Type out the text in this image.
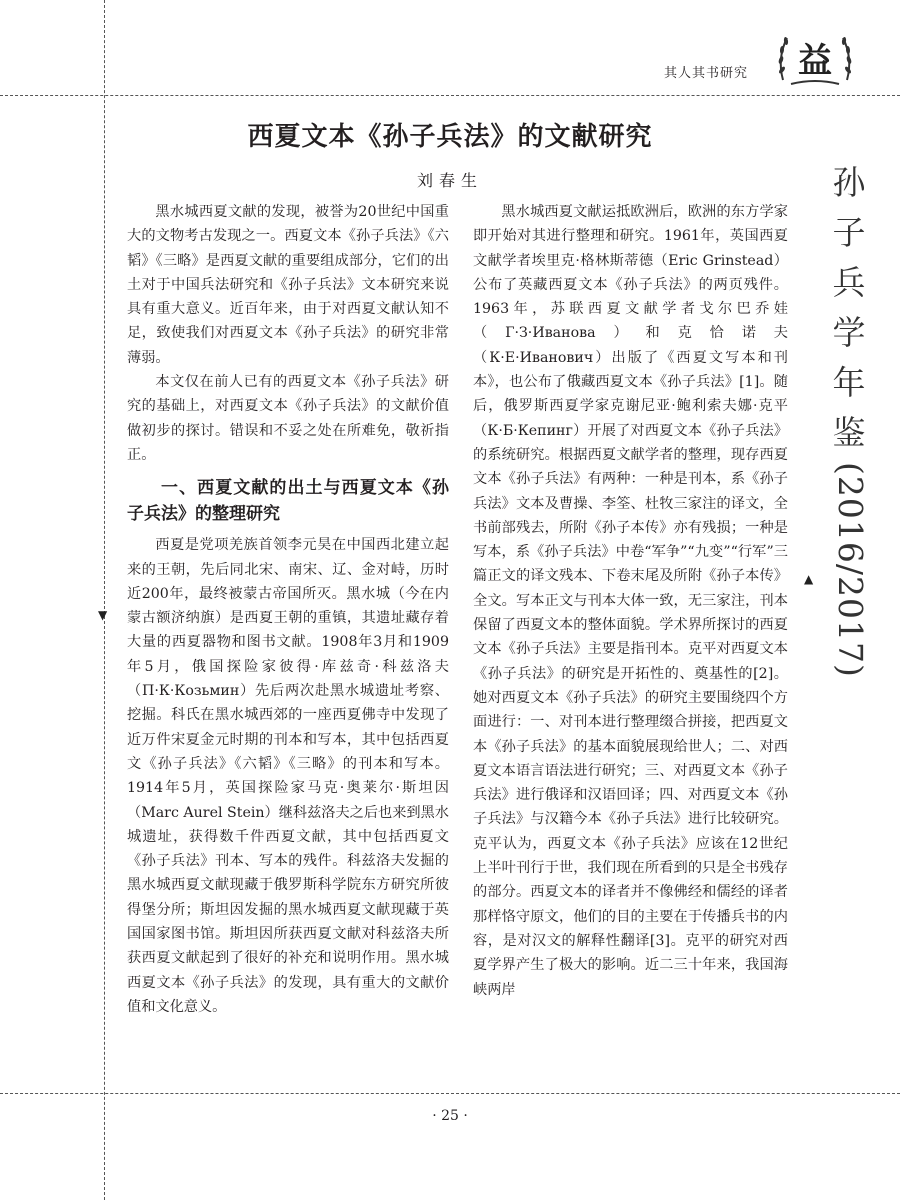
其人其书研究 益
西夏文本《孙子兵法》的文献研究
刘春生

黑水城西夏文献的发现，被誉为20世纪中国重大的文物考古发现之一。西夏文本《孙子兵法》《六韬》《三略》是西夏文献的重要组成部分，它们的出土对于中国兵法研究和《孙子兵法》文本研究来说具有重大意义。近百年来，由于对西夏文献认知不足，致使我们对西夏文本《孙子兵法》的研究非常薄弱。

本文仅在前人已有的西夏文本《孙子兵法》研究的基础上，对西夏文本《孙子兵法》的文献价值做初步的探讨。错误和不妥之处在所难免，敬祈指正。

一、西夏文献的出土与西夏文本《孙子兵法》的整理研究

西夏是党项羌族首领李元昊在中国西北建立起来的王朝，先后同北宋、南宋、辽、金对峙，历时近200年，最终被蒙古帝国所灭。黑水城（今在内蒙古额济纳旗）是西夏王朝的重镇，其遗址藏存着大量的西夏器物和图书文献。1908年3月和1909年5月，俄国探险家彼得·库兹奇·科兹洛夫（П·К·Козьмин）先后两次赴黑水城遗址考察、挖掘。科氏在黑水城西郊的一座西夏佛寺中发现了近万件宋夏金元时期的刊本和写本，其中包括西夏文《孙子兵法》《六韬》《三略》的刊本和写本。1914年5月，英国探险家马克·奥莱尔·斯坦因（Marc Aurel Stein）继科兹洛夫之后也来到黑水城遗址，获得数千件西夏文献，其中包括西夏文《孙子兵法》刊本、写本的残件。科兹洛夫发掘的黑水城西夏文献现藏于俄罗斯科学院东方研究所彼得堡分所；斯坦因发掘的黑水城西夏文献现藏于英国国家图书馆。斯坦因所获西夏文献对科兹洛夫所获西夏文献起到了很好的补充和说明作用。黑水城西夏文本《孙子兵法》的发现，具有重大的文献价值和文化意义。

黑水城西夏文献运抵欧洲后，欧洲的东方学家即开始对其进行整理和研究。1961年，英国西夏文献学者埃里克·格林斯蒂德（Eric Grinstead）公布了英藏西夏文本《孙子兵法》的两页残件。1963年，苏联西夏文献学者戈尔巴乔娃（Г·З·Иванова）和克恰诺夫（К·Е·Иванович）出版了《西夏文写本和刊本》，也公布了俄藏西夏文本《孙子兵法》[1]。随后，俄罗斯西夏学家克谢尼亚·鲍利索夫娜·克平（К·Б·Кепинг）开展了对西夏文本《孙子兵法》的系统研究。根据西夏文献学者的整理，现存西夏文本《孙子兵法》有两种：一种是刊本，系《孙子兵法》文本及曹操、李筌、杜牧三家注的译文，全书前部残去，所附《孙子本传》亦有残损；一种是写本，系《孙子兵法》中卷“军争”“九变”“行军”三篇正文的译文残本、下卷末尾及所附《孙子本传》全文。写本正文与刊本大体一致，无三家注，刊本保留了西夏文本的整体面貌。学术界所探讨的西夏文本《孙子兵法》主要是指刊本。克平对西夏文本《孙子兵法》的研究是开拓性的、奠基性的[2]。她对西夏文本《孙子兵法》的研究主要围绕四个方面进行：一、对刊本进行整理缀合拼接，把西夏文本《孙子兵法》的基本面貌展现给世人；二、对西夏文本语言语法进行研究；三、对西夏文本《孙子兵法》进行俄译和汉语回译；四、对西夏文本《孙子兵法》与汉籍今本《孙子兵法》进行比较研究。克平认为，西夏文本《孙子兵法》应该在12世纪上半叶刊行于世，我们现在所看到的只是全书残存的部分。西夏文本的译者并不像佛经和儒经的译者那样恪守原文，他们的目的主要在于传播兵书的内容，是对汉文的解释性翻译[3]。克平的研究对西夏学界产生了极大的影响。近二三十年来，我国海峡两岸

孙
子
兵
学
年
鉴
(2016/2017)
▼
▲
· 25 ·
